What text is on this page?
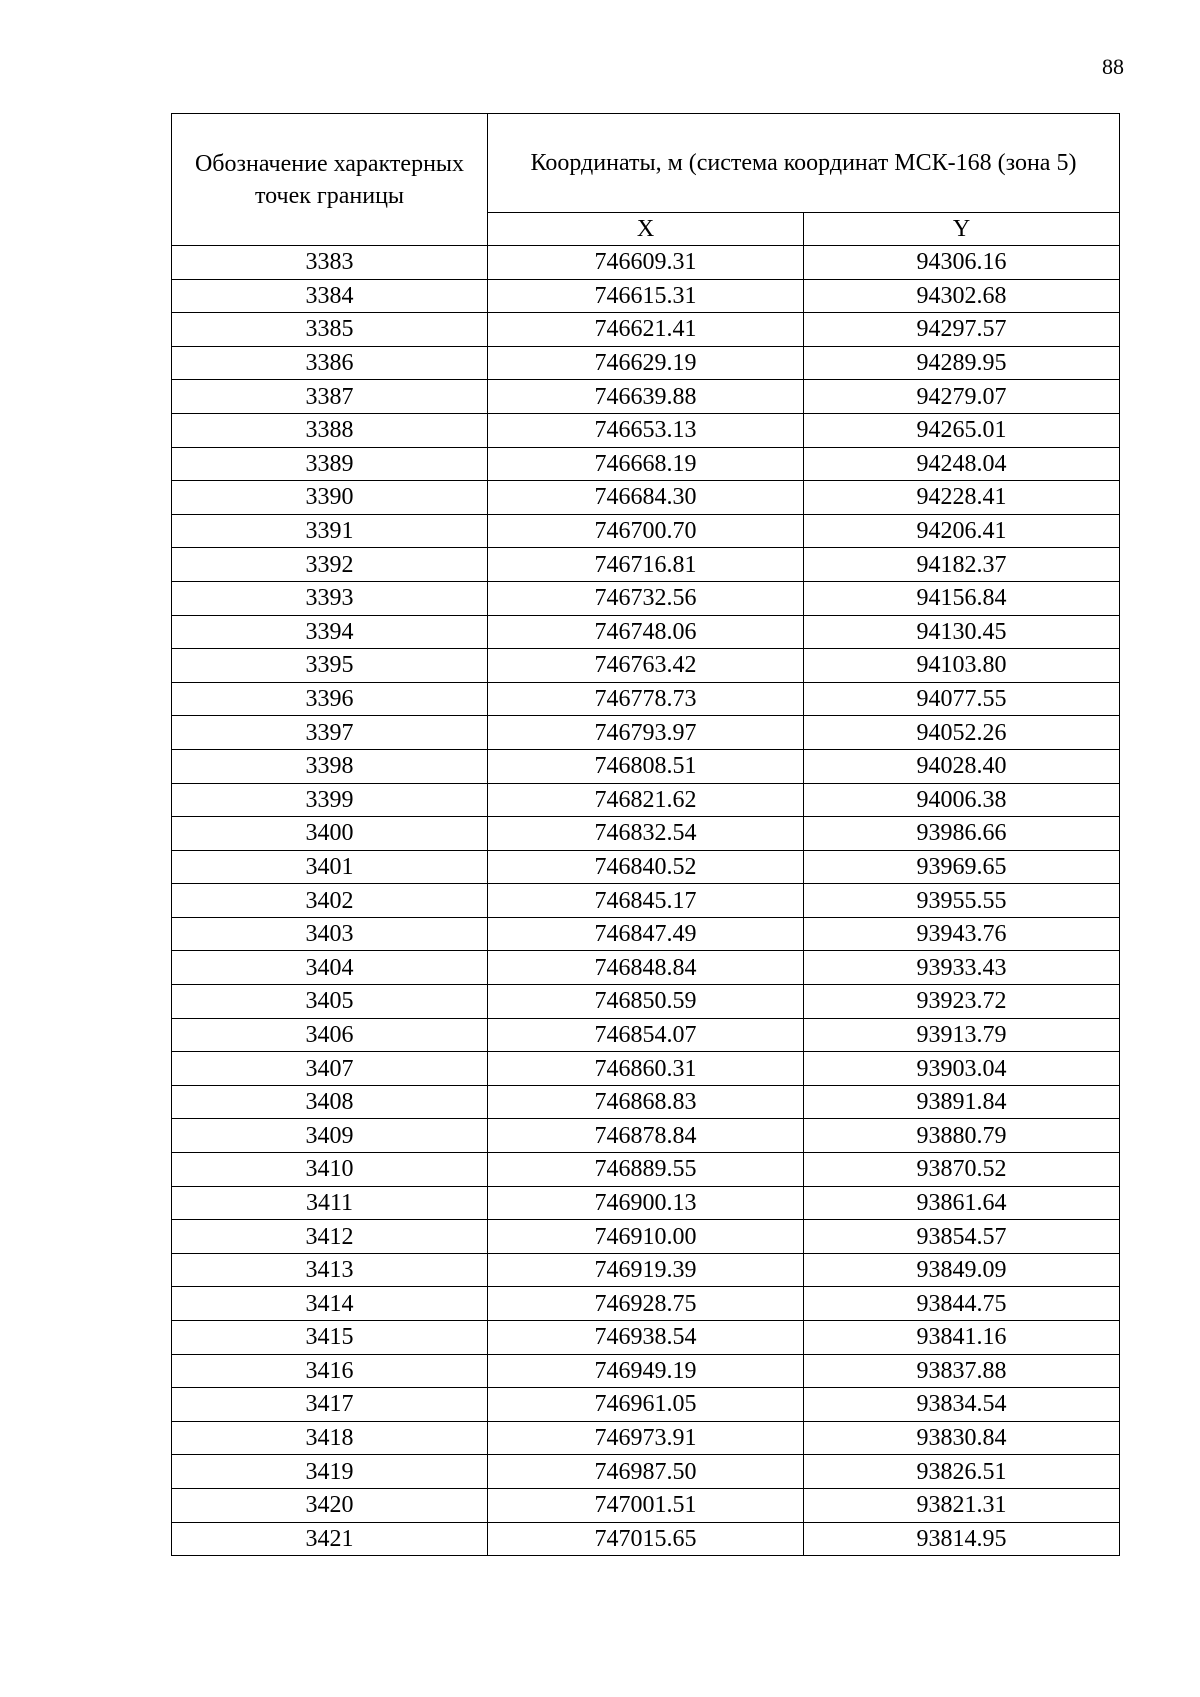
88
Обозначение характерных точек границы	Координаты, м (система координат МСК-168 (зона 5)	
	X	Y
3383	746609.31	94306.16
3384	746615.31	94302.68
3385	746621.41	94297.57
3386	746629.19	94289.95
3387	746639.88	94279.07
3388	746653.13	94265.01
3389	746668.19	94248.04
3390	746684.30	94228.41
3391	746700.70	94206.41
3392	746716.81	94182.37
3393	746732.56	94156.84
3394	746748.06	94130.45
3395	746763.42	94103.80
3396	746778.73	94077.55
3397	746793.97	94052.26
3398	746808.51	94028.40
3399	746821.62	94006.38
3400	746832.54	93986.66
3401	746840.52	93969.65
3402	746845.17	93955.55
3403	746847.49	93943.76
3404	746848.84	93933.43
3405	746850.59	93923.72
3406	746854.07	93913.79
3407	746860.31	93903.04
3408	746868.83	93891.84
3409	746878.84	93880.79
3410	746889.55	93870.52
3411	746900.13	93861.64
3412	746910.00	93854.57
3413	746919.39	93849.09
3414	746928.75	93844.75
3415	746938.54	93841.16
3416	746949.19	93837.88
3417	746961.05	93834.54
3418	746973.91	93830.84
3419	746987.50	93826.51
3420	747001.51	93821.31
3421	747015.65	93814.95
